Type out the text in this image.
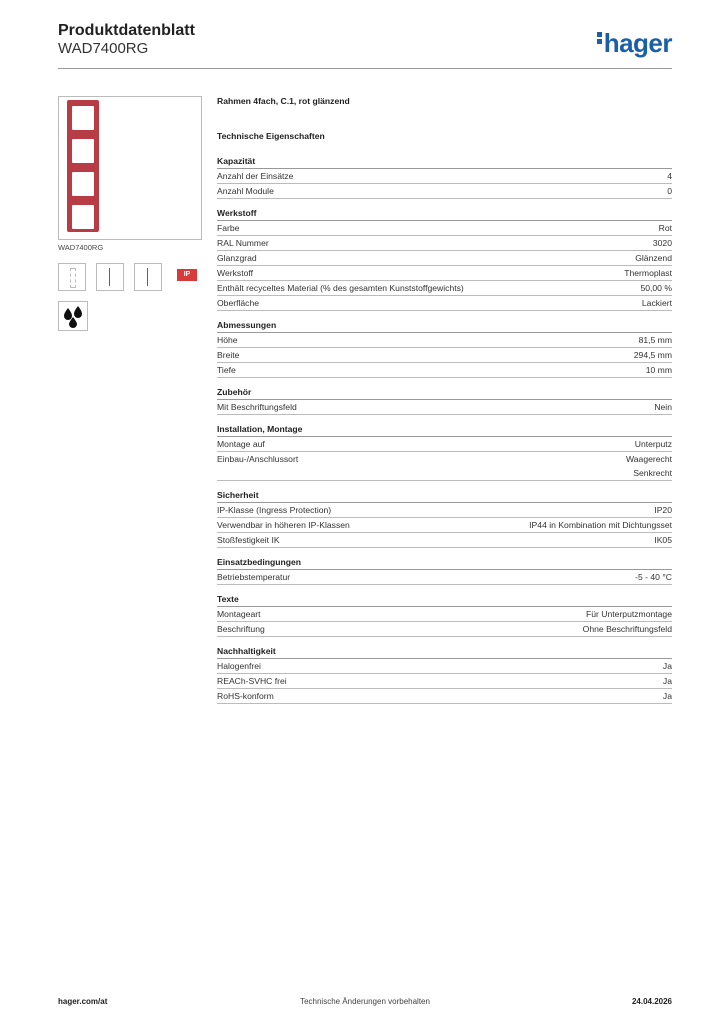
Produktdatenblatt
WAD7400RG	hager
WAD7400RG
IP
Rahmen 4fach, C.1, rot glänzend
Technische Eigenschaften
Kapazität
Anzahl der Einsätze	4
Anzahl Module	0
Werkstoff
Farbe	Rot
RAL Nummer	3020
Glanzgrad	Glänzend
Werkstoff	Thermoplast
Enthält recyceltes Material (% des gesamten Kunststoffgewichts)	50,00 %
Oberfläche	Lackiert
Abmessungen
Höhe	81,5 mm
Breite	294,5 mm
Tiefe	10 mm
Zubehör
Mit Beschriftungsfeld	Nein
Installation, Montage
Montage auf	Unterputz
Einbau-/Anschlussort	Waagerecht
Senkrecht
Sicherheit
IP-Klasse (Ingress Protection)	IP20
Verwendbar in höheren IP-Klassen	IP44 in Kombination mit Dichtungsset
Stoßfestigkeit IK	IK05
Einsatzbedingungen
Betriebstemperatur	-5 - 40 °C
Texte
Montageart	Für Unterputzmontage
Beschriftung	Ohne Beschriftungsfeld
Nachhaltigkeit
Halogenfrei	Ja
REACh-SVHC frei	Ja
RoHS-konform	Ja
hager.com/at	Technische Änderungen vorbehalten	24.04.2026
